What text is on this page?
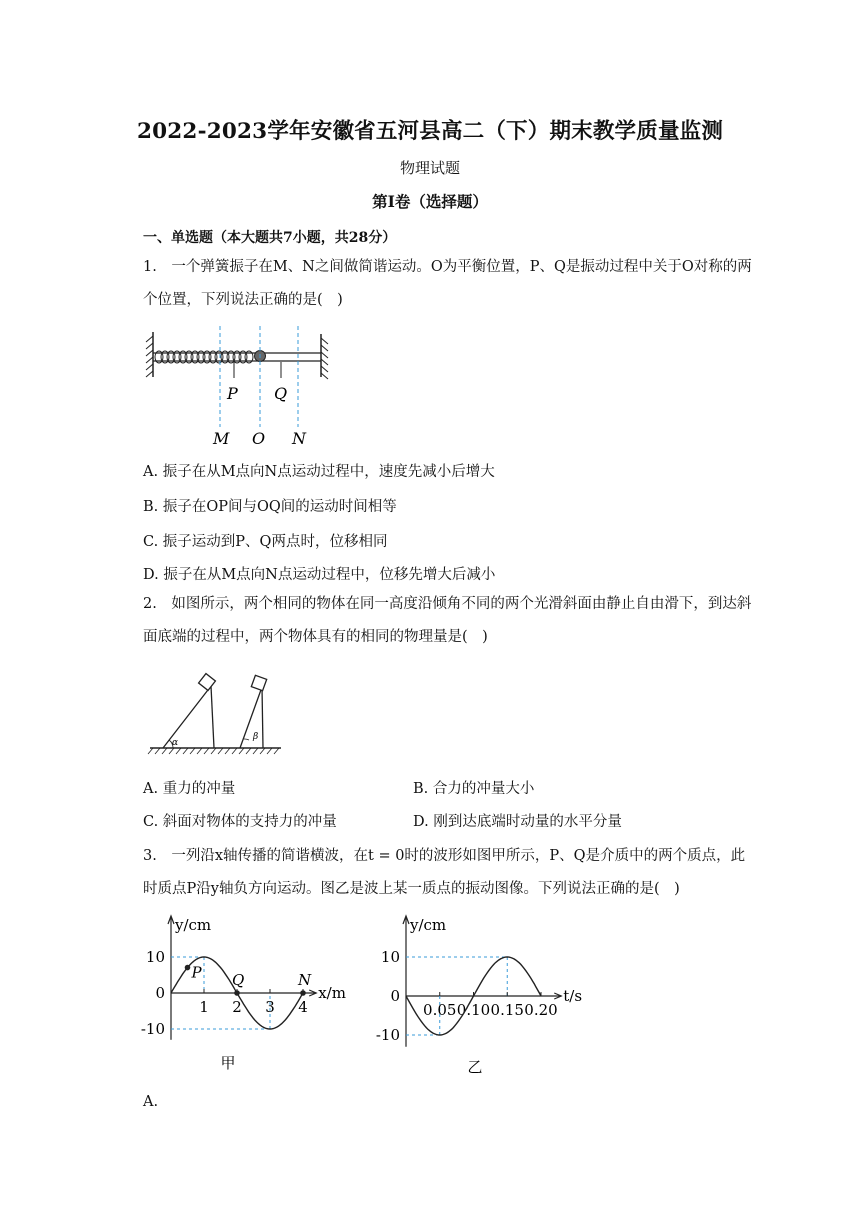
2022-2023学年安徽省五河县高二（下）期末教学质量监测
物理试题
第I卷（选择题）
一、单选题（本大题共7小题，共28分）
1.　一个弹簧振子在M、N之间做简谐运动。O为平衡位置，P、Q是振动过程中关于O对称的两个位置，下列说法正确的是(　)
P Q
M O N
A. 振子在从M点向N点运动过程中，速度先减小后增大
B. 振子在OP间与OQ间的运动时间相等
C. 振子运动到P、Q两点时，位移相同
D. 振子在从M点向N点运动过程中，位移先增大后减小
2.　如图所示，两个相同的物体在同一高度沿倾角不同的两个光滑斜面由静止自由滑下，到达斜面底端的过程中，两个物体具有的相同的物理量是(　)
α
β
A. 重力的冲量	B. 合力的冲量大小
C. 斜面对物体的支持力的冲量	D. 刚到达底端时动量的水平分量
3.　一列沿x轴传播的简谐横波，在t = 0时的波形如图甲所示，P、Q是介质中的两个质点，此时质点P沿y轴负方向运动。图乙是波上某一质点的振动图像。下列说法正确的是(　)
y/cm
x/m
10
0
-10
1 2 3 4
P Q	N
甲
y/cm
t/s
10
0
-10
0.05 0.10 0.15 0.20
乙
A.
